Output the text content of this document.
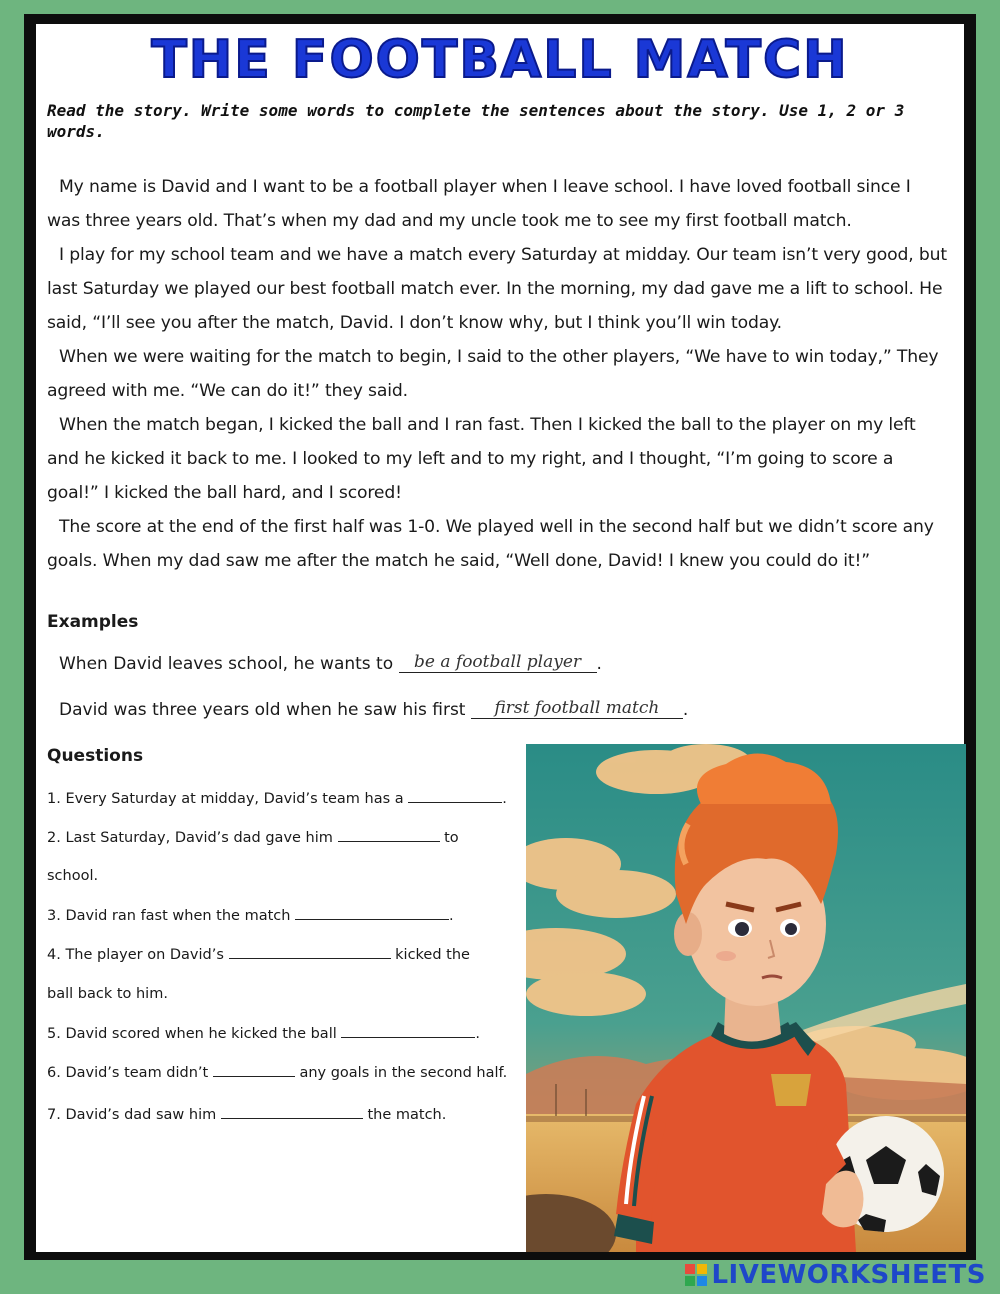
THE FOOTBALL MATCH
Read the story. Write some words to complete the sentences about the story. Use 1, 2 or 3 words.

My name is David and I want to be a football player when I leave school. I have loved football since I was three years old. That’s when my dad and my uncle took me to see my first football match.

I play for my school team and we have a match every Saturday at midday. Our team isn’t very good, but last Saturday we played our best football match ever. In the morning, my dad gave me a lift to school. He said, “I’ll see you after the match, David. I don’t know why, but I think you’ll win today.

When we were waiting for the match to begin, I said to the other players, “We have to win today,” They agreed with me. “We can do it!” they said.

When the match began, I kicked the ball and I ran fast. Then I kicked the ball to the player on my left and he kicked it back to me. I looked to my left and to my right, and I thought, “I’m going to score a goal!” I kicked the ball hard, and I scored!

The score at the end of the first half was 1-0. We played well in the second half but we didn’t score any goals. When my dad saw me after the match he said, “Well done, David! I knew you could do it!”

Examples
When David leaves school, he wants to be a football player .
David was three years old when he saw his first first football match .
Questions
1. Every Saturday at midday, David’s team has a	.
2. Last Saturday, David’s dad gave him	to
school.
3. David ran fast when the match	.
4. The player on David’s	kicked the
ball back to him.
5. David scored when he kicked the ball	.
6. David’s team didn’t	any goals in the second half.
7. David’s dad saw him	the match.
LIVEWORKSHEETS
